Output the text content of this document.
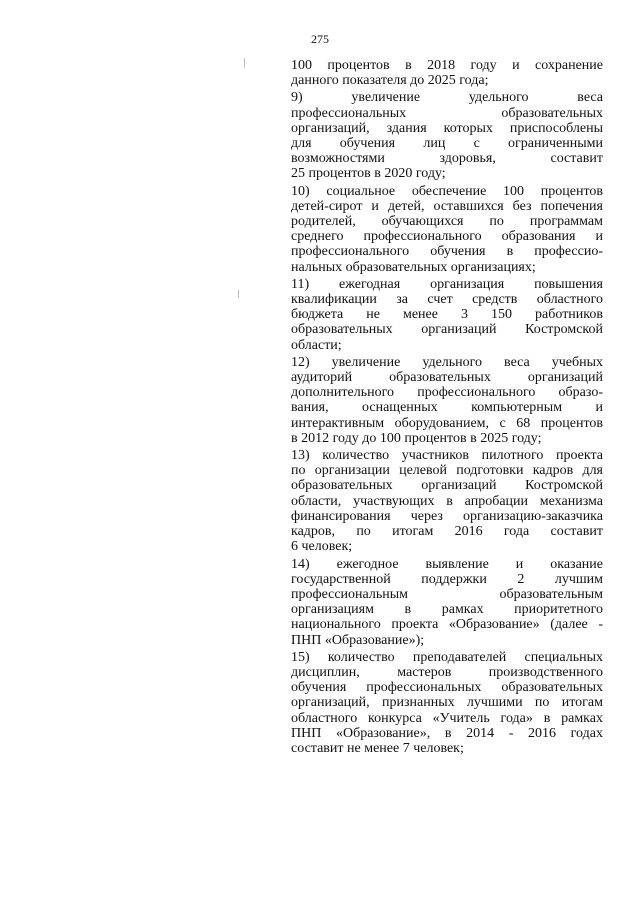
275
100 процентов в 2018 году и сохранение
данного показателя до 2025 года;
9) увеличение удельного веса
профессиональных образовательных
организаций, здания которых приспособлены
для обучения лиц с ограниченными
возможностями здоровья, составит
25 процентов в 2020 году;
10) социальное обеспечение 100 процентов
детей-сирот и детей, оставшихся без попечения
родителей, обучающихся по программам
среднего профессионального образования и
профессионального обучения в профессио-
нальных образовательных организациях;
11) ежегодная организация повышения
квалификации за счет средств областного
бюджета не менее 3 150 работников
образовательных организаций Костромской
области;
12) увеличение удельного веса учебных
аудиторий образовательных организаций
дополнительного профессионального образо-
вания, оснащенных компьютерным и
интерактивным оборудованием, с 68 процентов
в 2012 году до 100 процентов в 2025 году;
13) количество участников пилотного проекта
по организации целевой подготовки кадров для
образовательных организаций Костромской
области, участвующих в апробации механизма
финансирования через организацию-заказчика
кадров, по итогам 2016 года составит
6 человек;
14) ежегодное выявление и оказание
государственной поддержки 2 лучшим
профессиональным образовательным
организациям в рамках приоритетного
национального проекта «Образование» (далее -
ПНП «Образование»);
15) количество преподавателей специальных
дисциплин, мастеров производственного
обучения профессиональных образовательных
организаций, признанных лучшими по итогам
областного конкурса «Учитель года» в рамках
ПНП «Образование», в 2014 - 2016 годах
составит не менее 7 человек;
